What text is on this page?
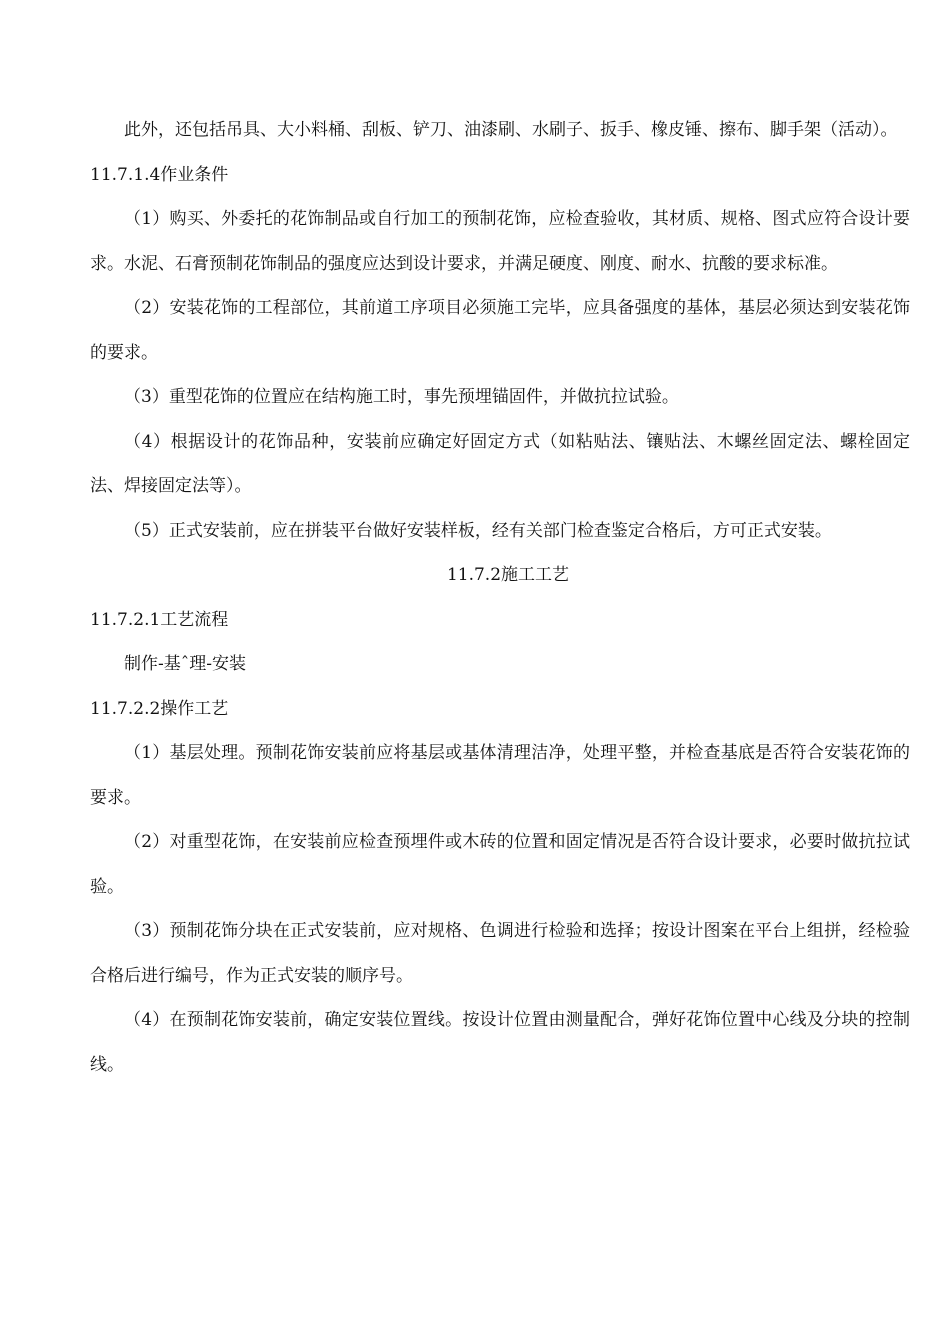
此外，还包括吊具、大小料桶、刮板、铲刀、油漆刷、水刷子、扳手、橡皮锤、擦布、脚手架（活动）。

11.7.1.4作业条件

（1）购买、外委托的花饰制品或自行加工的预制花饰，应检查验收，其材质、规格、图式应符合设计要求。水泥、石膏预制花饰制品的强度应达到设计要求，并满足硬度、刚度、耐水、抗酸的要求标准。

（2）安装花饰的工程部位，其前道工序项目必须施工完毕，应具备强度的基体，基层必须达到安装花饰的要求。

（3）重型花饰的位置应在结构施工时，事先预埋锚固件，并做抗拉试验。

（4）根据设计的花饰品种，安装前应确定好固定方式（如粘贴法、镶贴法、木螺丝固定法、螺栓固定法、焊接固定法等）。

（5）正式安装前，应在拼装平台做好安装样板，经有关部门检查鉴定合格后，方可正式安装。

11.7.2施工工艺

11.7.2.1工艺流程

制作-基ˆ理-安装

11.7.2.2操作工艺

（1）基层处理。预制花饰安装前应将基层或基体清理洁净，处理平整，并检查基底是否符合安装花饰的要求。

（2）对重型花饰，在安装前应检查预埋件或木砖的位置和固定情况是否符合设计要求，必要时做抗拉试验。

（3）预制花饰分块在正式安装前，应对规格、色调进行检验和选择；按设计图案在平台上组拼，经检验合格后进行编号，作为正式安装的顺序号。

（4）在预制花饰安装前，确定安装位置线。按设计位置由测量配合，弹好花饰位置中心线及分块的控制线。
